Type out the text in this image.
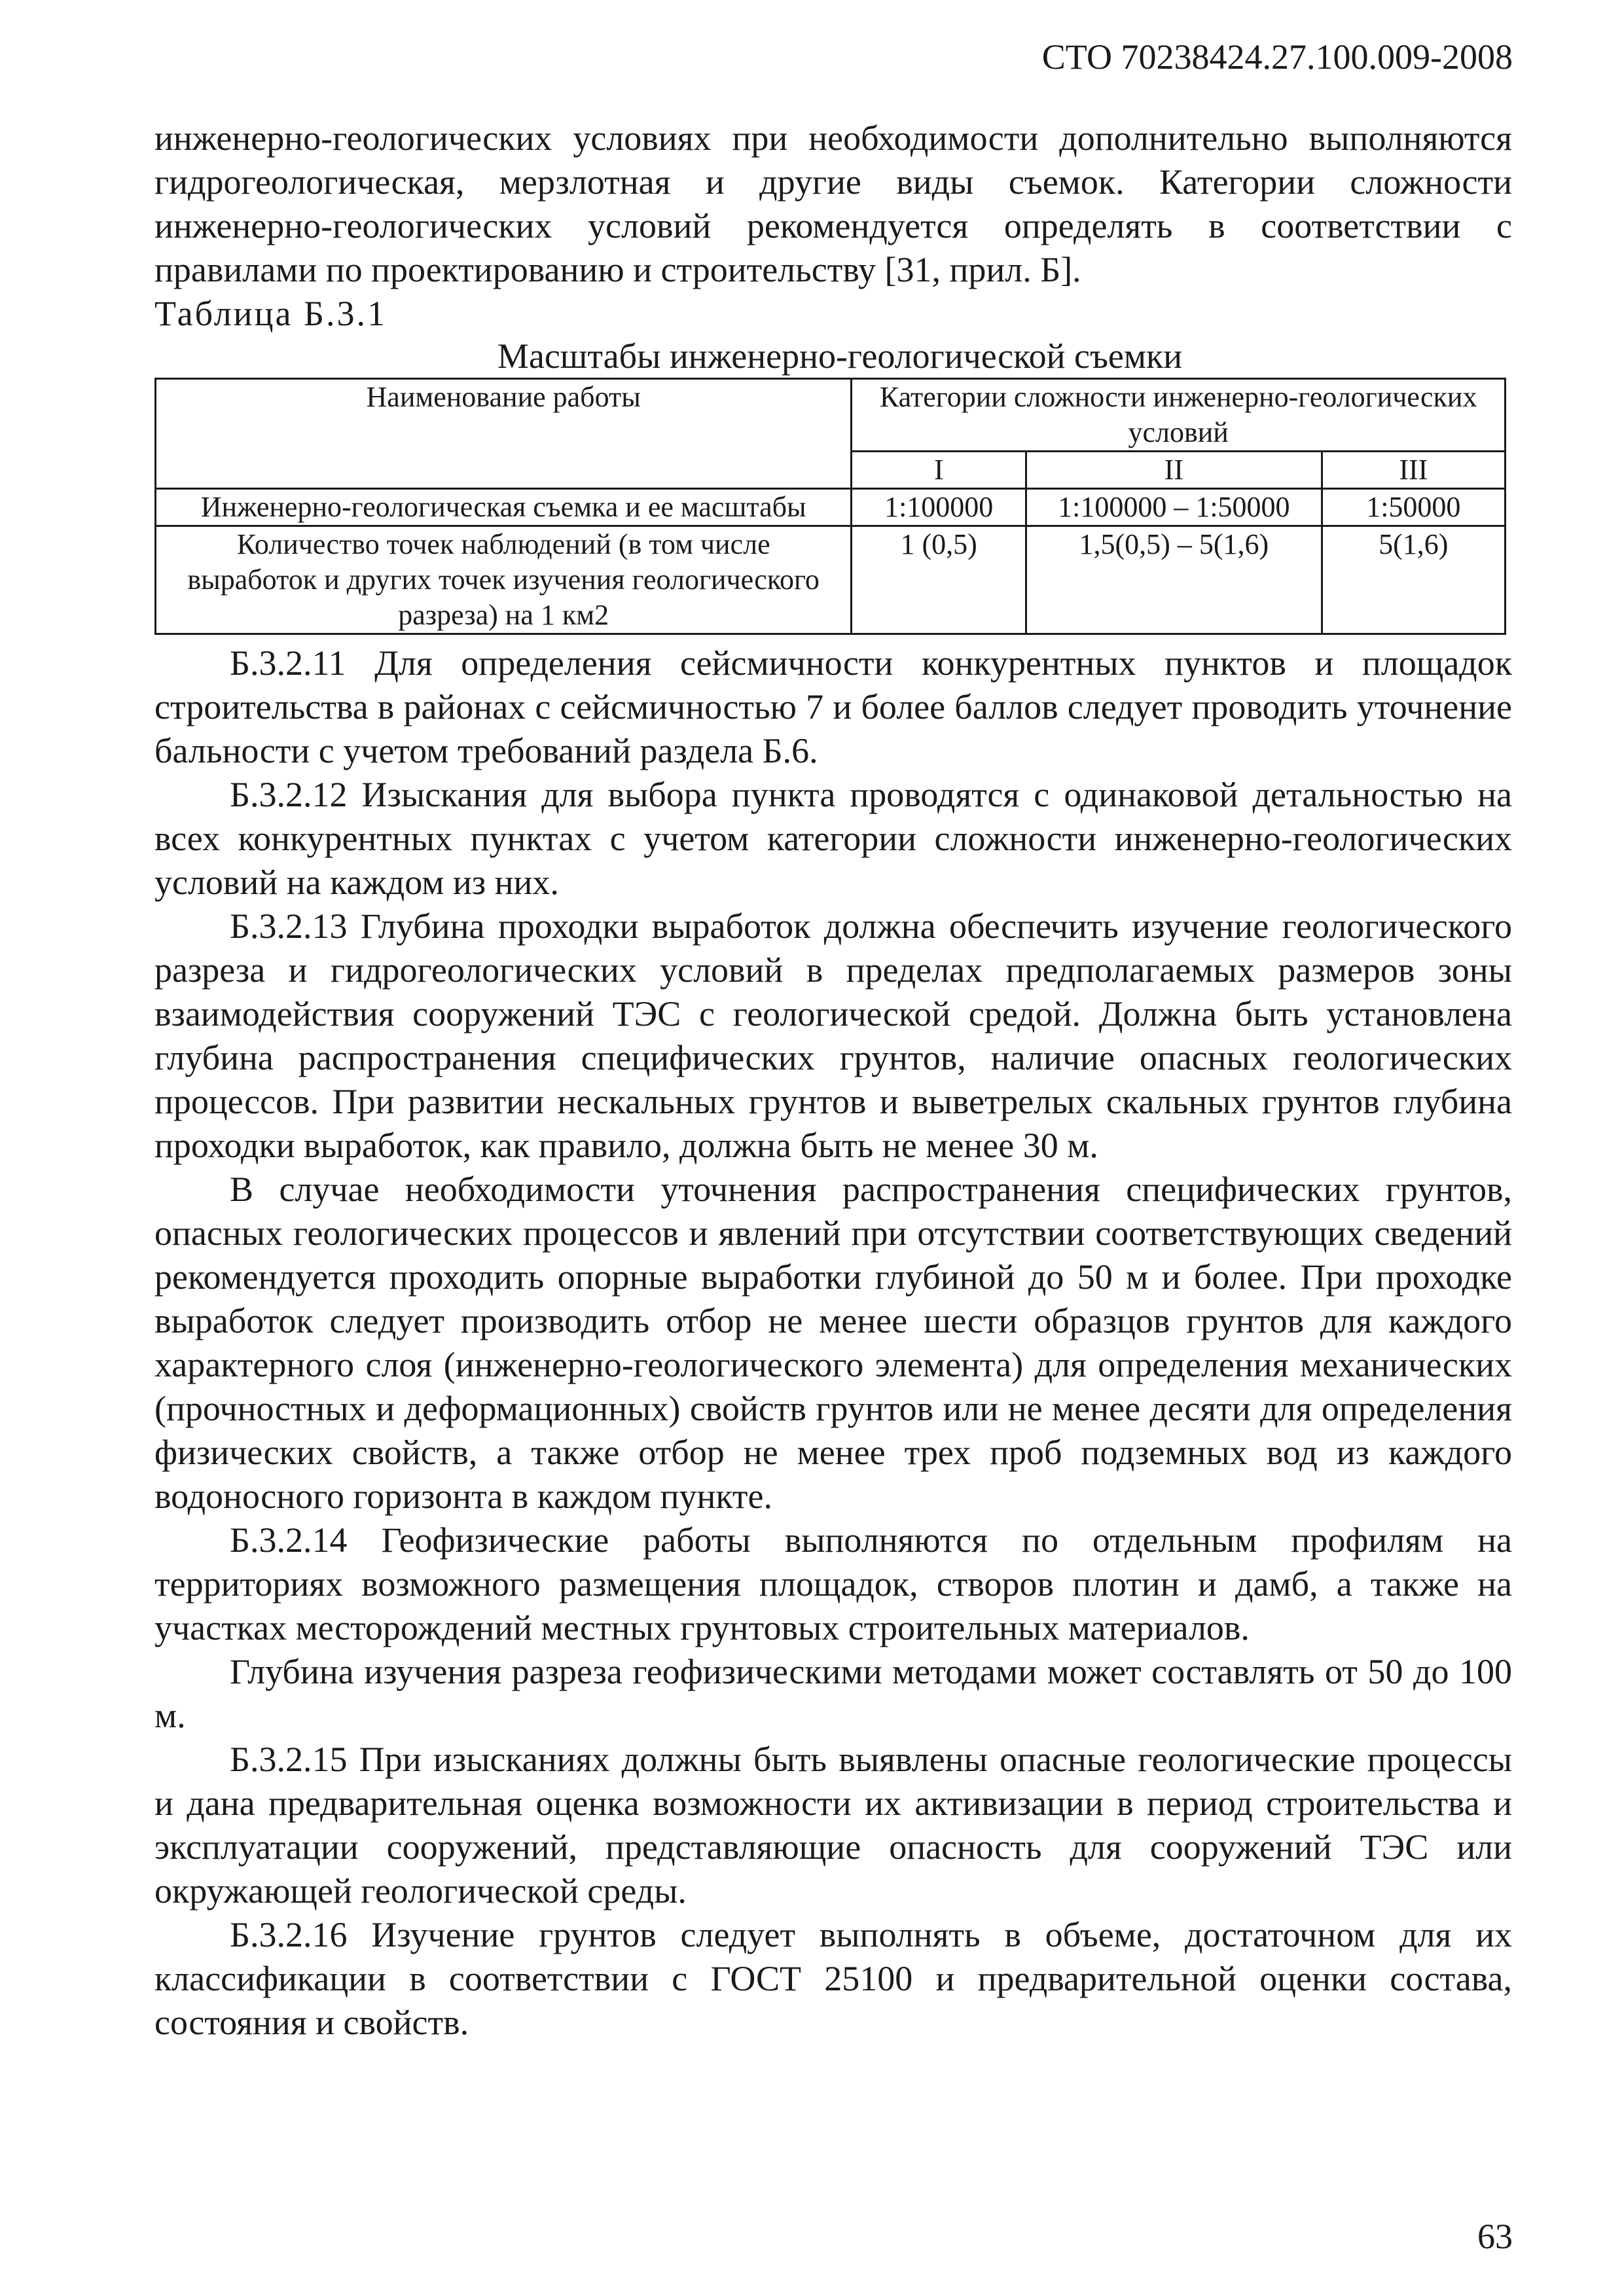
СТО 70238424.27.100.009-2008

инженерно-геологических условиях при необходимости дополнительно выполняются гидрогеологическая, мерзлотная и другие виды съемок. Категории сложности инженерно-геологических условий рекомендуется определять в соответствии с правилами по проектированию и строительству [31, прил. Б].

Таблица Б.3.1

Масштабы инженерно-геологической съемки

Наименование работы	Категории сложности инженерно-геологических условий		
	I	II	III
Инженерно-геологическая съемка и ее масштабы	1:100000	1:100000 – 1:50000	1:50000
Количество точек наблюдений (в том числе выработок и других точек изучения геологического разреза) на 1 км2	1 (0,5)	1,5(0,5) – 5(1,6)	5(1,6)

Б.3.2.11 Для определения сейсмичности конкурентных пунктов и площадок строительства в районах с сейсмичностью 7 и более баллов следует проводить уточнение бальности с учетом требований раздела Б.6.

Б.3.2.12 Изыскания для выбора пункта проводятся с одинаковой детальностью на всех конкурентных пунктах с учетом категории сложности инженерно-геологических условий на каждом из них.

Б.3.2.13 Глубина проходки выработок должна обеспечить изучение геологического разреза и гидрогеологических условий в пределах предполагаемых размеров зоны взаимодействия сооружений ТЭС с геологической средой. Должна быть установлена глубина распространения специфических грунтов, наличие опасных геологических процессов. При развитии нескальных грунтов и выветрелых скальных грунтов глубина проходки выработок, как правило, должна быть не менее 30 м.

В случае необходимости уточнения распространения специфических грунтов, опасных геологических процессов и явлений при отсутствии соответствующих сведений рекомендуется проходить опорные выработки глубиной до 50 м и более. При проходке выработок следует производить отбор не менее шести образцов грунтов для каждого характерного слоя (инженерно-геологического элемента) для определения механических (прочностных и деформационных) свойств грунтов или не менее десяти для определения физических свойств, а также отбор не менее трех проб подземных вод из каждого водоносного горизонта в каждом пункте.

Б.3.2.14 Геофизические работы выполняются по отдельным профилям на территориях возможного размещения площадок, створов плотин и дамб, а также на участках месторождений местных грунтовых строительных материалов.

Глубина изучения разреза геофизическими методами может составлять от 50 до 100 м.

Б.3.2.15 При изысканиях должны быть выявлены опасные геологические процессы и дана предварительная оценка возможности их активизации в период строительства и эксплуатации сооружений, представляющие опасность для сооружений ТЭС или окружающей геологической среды.

Б.3.2.16 Изучение грунтов следует выполнять в объеме, достаточном для их классификации в соответствии с ГОСТ 25100 и предварительной оценки состава, состояния и свойств.

63
